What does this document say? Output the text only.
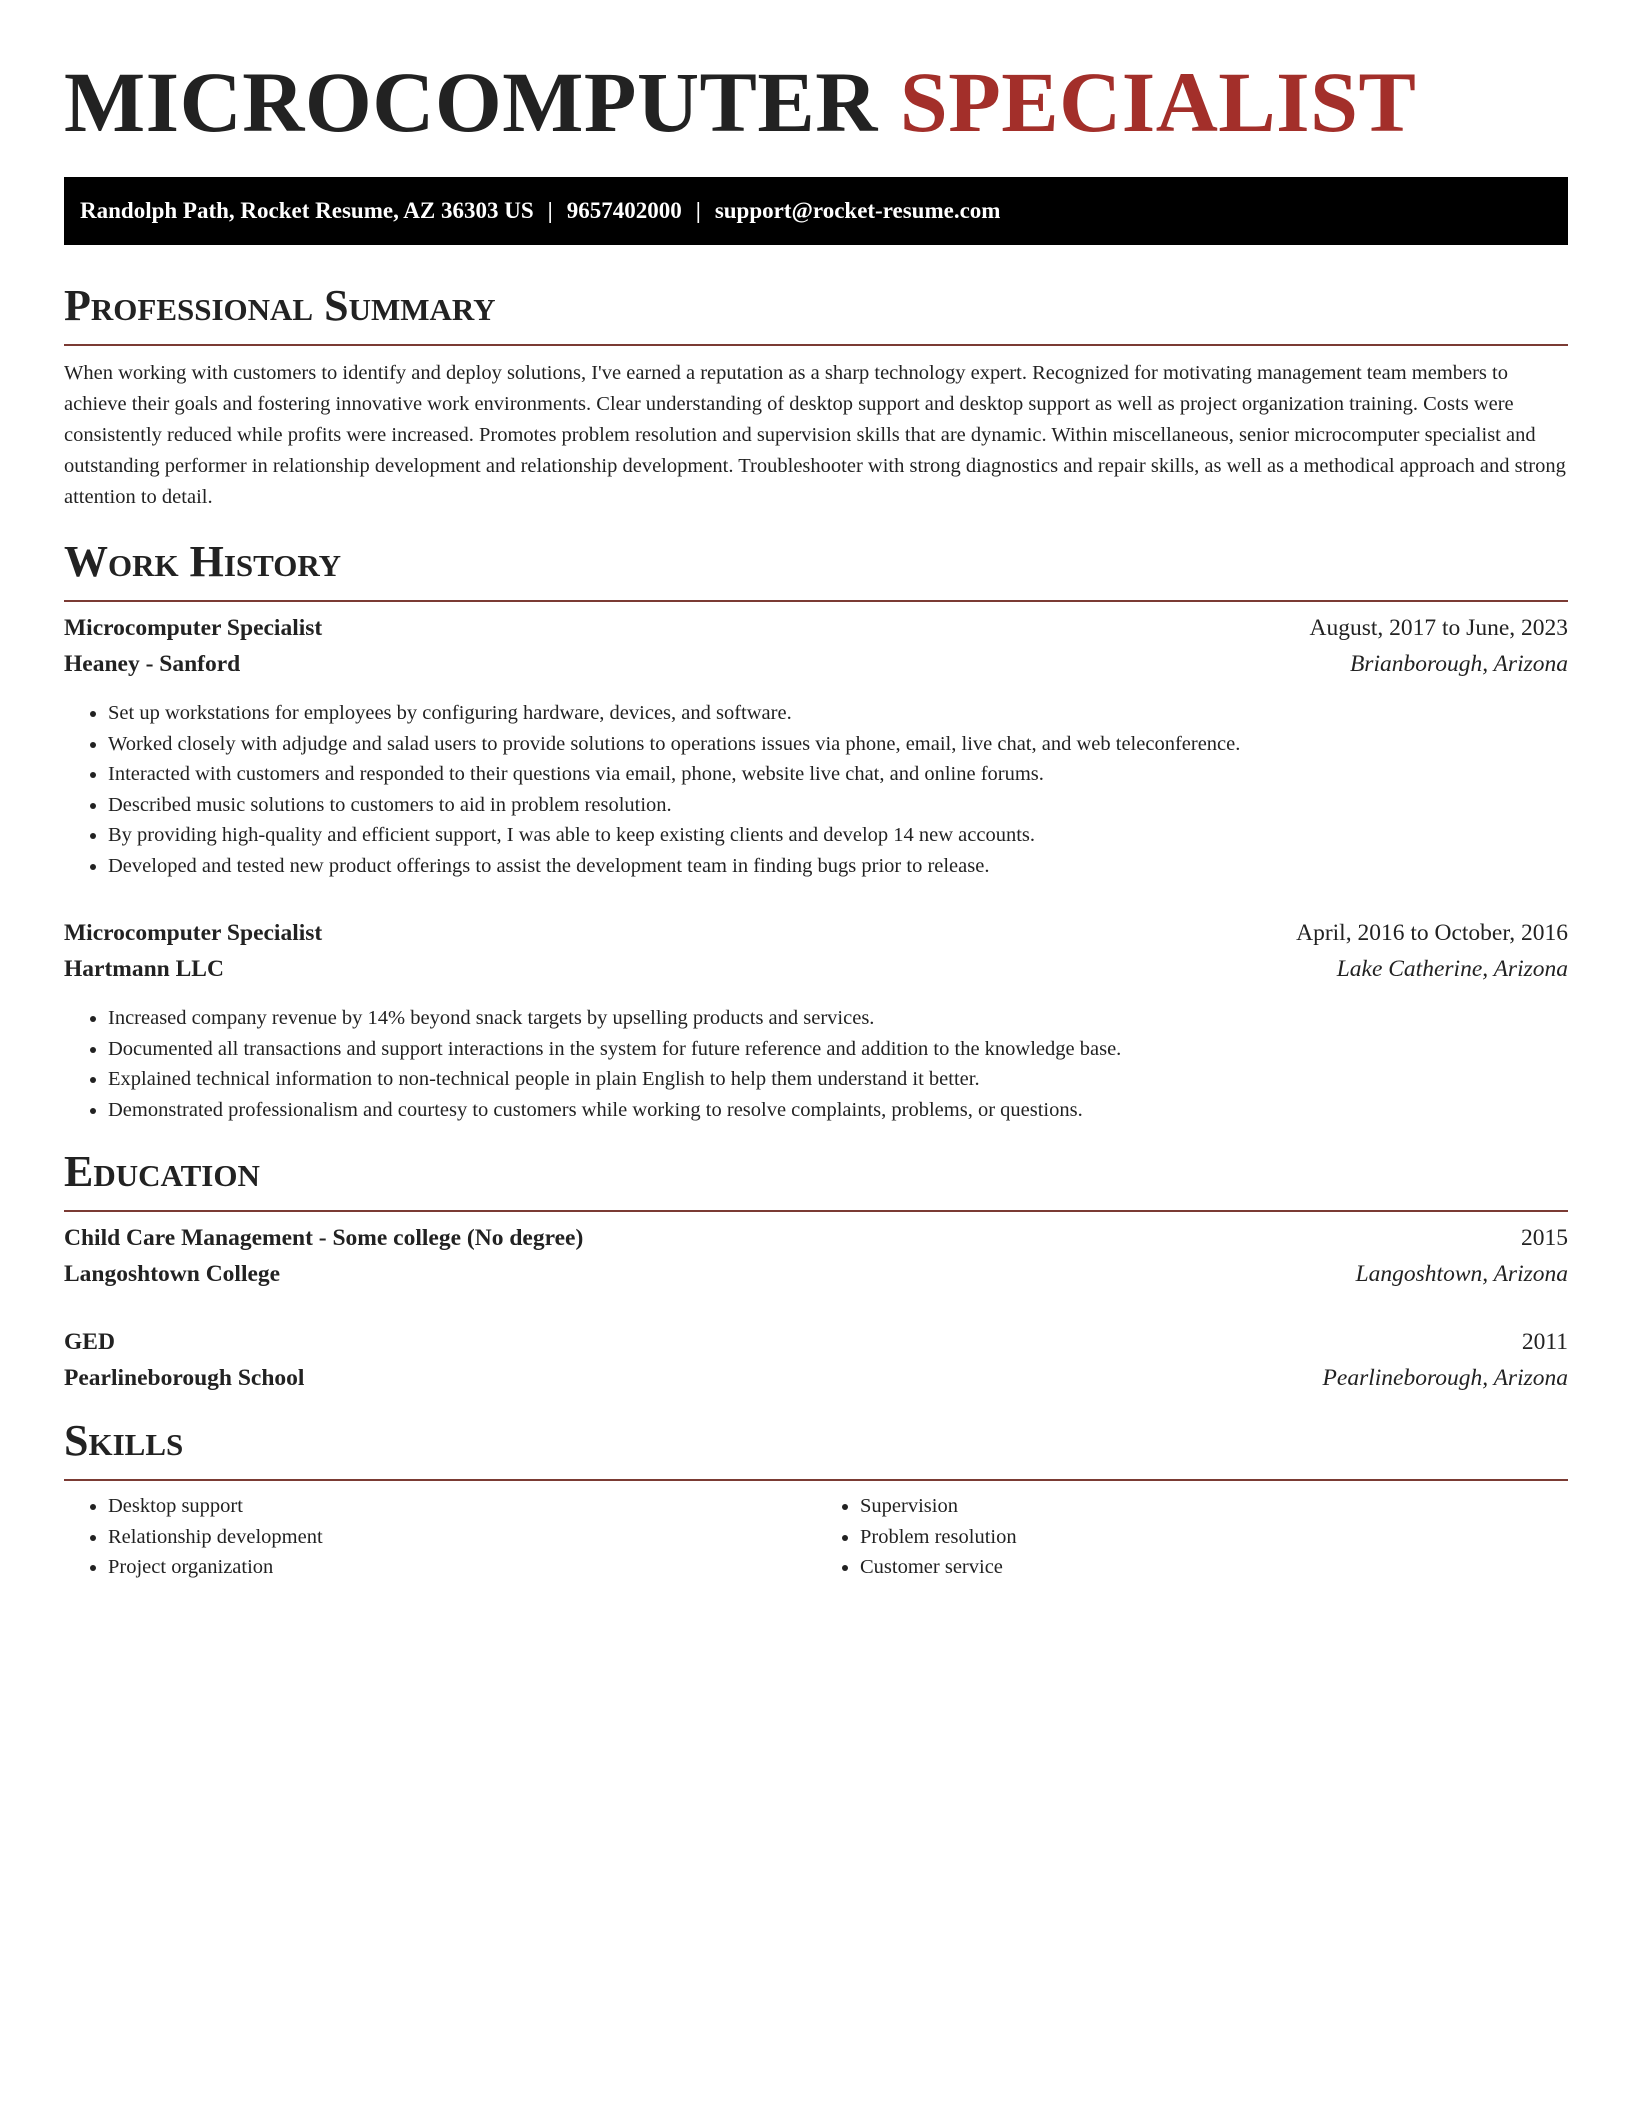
MICROCOMPUTER SPECIALIST
Randolph Path, Rocket Resume, AZ 36303 US | 9657402000 | support@rocket-resume.com
Professional Summary

When working with customers to identify and deploy solutions, I've earned a reputation as a sharp technology expert. Recognized for motivating management team members to achieve their goals and fostering innovative work environments. Clear understanding of desktop support and desktop support as well as project organization training. Costs were consistently reduced while profits were increased. Promotes problem resolution and supervision skills that are dynamic. Within miscellaneous, senior microcomputer specialist and outstanding performer in relationship development and relationship development. Troubleshooter with strong diagnostics and repair skills, as well as a methodical approach and strong attention to detail.

Work History
Microcomputer Specialist	August, 2017 to June, 2023
Heaney - Sanford	Brianborough, Arizona
• Set up workstations for employees by configuring hardware, devices, and software.
• Worked closely with adjudge and salad users to provide solutions to operations issues via phone, email, live chat, and web teleconference.
• Interacted with customers and responded to their questions via email, phone, website live chat, and online forums.
• Described music solutions to customers to aid in problem resolution.
• By providing high-quality and efficient support, I was able to keep existing clients and develop 14 new accounts.
• Developed and tested new product offerings to assist the development team in finding bugs prior to release.
Microcomputer Specialist	April, 2016 to October, 2016
Hartmann LLC	Lake Catherine, Arizona
• Increased company revenue by 14% beyond snack targets by upselling products and services.
• Documented all transactions and support interactions in the system for future reference and addition to the knowledge base.
• Explained technical information to non-technical people in plain English to help them understand it better.
• Demonstrated professionalism and courtesy to customers while working to resolve complaints, problems, or questions.
Education
Child Care Management - Some college (No degree)	2015
Langoshtown College	Langoshtown, Arizona
GED	2011
Pearlineborough School	Pearlineborough, Arizona
Skills
• Desktop support
• Relationship development
• Project organization
• Supervision
• Problem resolution
• Customer service
